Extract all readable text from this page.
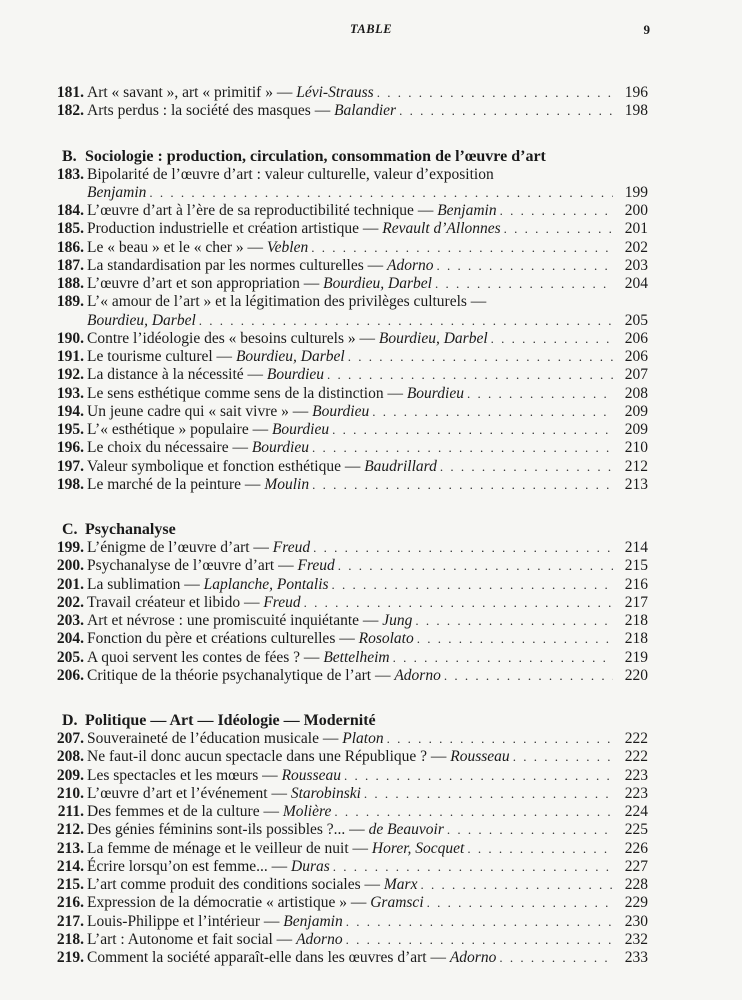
TABLE	9
181. Art « savant », art « primitif » — Lévi-Strauss . . .	196
182. Arts perdus : la société des masques — Balandier . . .	198
B. Sociologie : production, circulation, consommation de l’œuvre d’art
183. Bipolarité de l’œuvre d’art : valeur culturelle, valeur d’exposition
Benjamin . . .	199
184. L’œuvre d’art à l’ère de sa reproductibilité technique — Benjamin . . .	200
185. Production industrielle et création artistique — Revault d’Allonnes . . .	201
186. Le « beau » et le « cher » — Veblen . . .	202
187. La standardisation par les normes culturelles — Adorno . . .	203
188. L’œuvre d’art et son appropriation — Bourdieu, Darbel . . .	204
189. L’« amour de l’art » et la légitimation des privilèges culturels —
Bourdieu, Darbel . . .	205
190. Contre l’idéologie des « besoins culturels » — Bourdieu, Darbel . . .	206
191. Le tourisme culturel — Bourdieu, Darbel . . .	206
192. La distance à la nécessité — Bourdieu . . .	207
193. Le sens esthétique comme sens de la distinction — Bourdieu . . .	208
194. Un jeune cadre qui « sait vivre » — Bourdieu . . .	209
195. L’« esthétique » populaire — Bourdieu . . .	209
196. Le choix du nécessaire — Bourdieu . . .	210
197. Valeur symbolique et fonction esthétique — Baudrillard . . .	212
198. Le marché de la peinture — Moulin . . .	213
C. Psychanalyse
199. L’énigme de l’œuvre d’art — Freud . . .	214
200. Psychanalyse de l’œuvre d’art — Freud . . .	215
201. La sublimation — Laplanche, Pontalis . . .	216
202. Travail créateur et libido — Freud . . .	217
203. Art et névrose : une promiscuité inquiétante — Jung . . .	218
204. Fonction du père et créations culturelles — Rosolato . . .	218
205. A quoi servent les contes de fées ? — Bettelheim . . .	219
206. Critique de la théorie psychanalytique de l’art — Adorno . . .	220
D. Politique — Art — Idéologie — Modernité
207. Souveraineté de l’éducation musicale — Platon . . .	222
208. Ne faut-il donc aucun spectacle dans une République ? — Rousseau . . .	222
209. Les spectacles et les mœurs — Rousseau . . .	223
210. L’œuvre d’art et l’événement — Starobinski . . .	223
211. Des femmes et de la culture — Molière . . .	224
212. Des génies féminins sont-ils possibles ?... — de Beauvoir . . .	225
213. La femme de ménage et le veilleur de nuit — Horer, Socquet . . .	226
214. Écrire lorsqu’on est femme... — Duras . . .	227
215. L’art comme produit des conditions sociales — Marx . . .	228
216. Expression de la démocratie « artistique » — Gramsci . . .	229
217. Louis-Philippe et l’intérieur — Benjamin . . .	230
218. L’art : Autonome et fait social — Adorno . . .	232
219. Comment la société apparaît-elle dans les œuvres d’art — Adorno . . .	233
